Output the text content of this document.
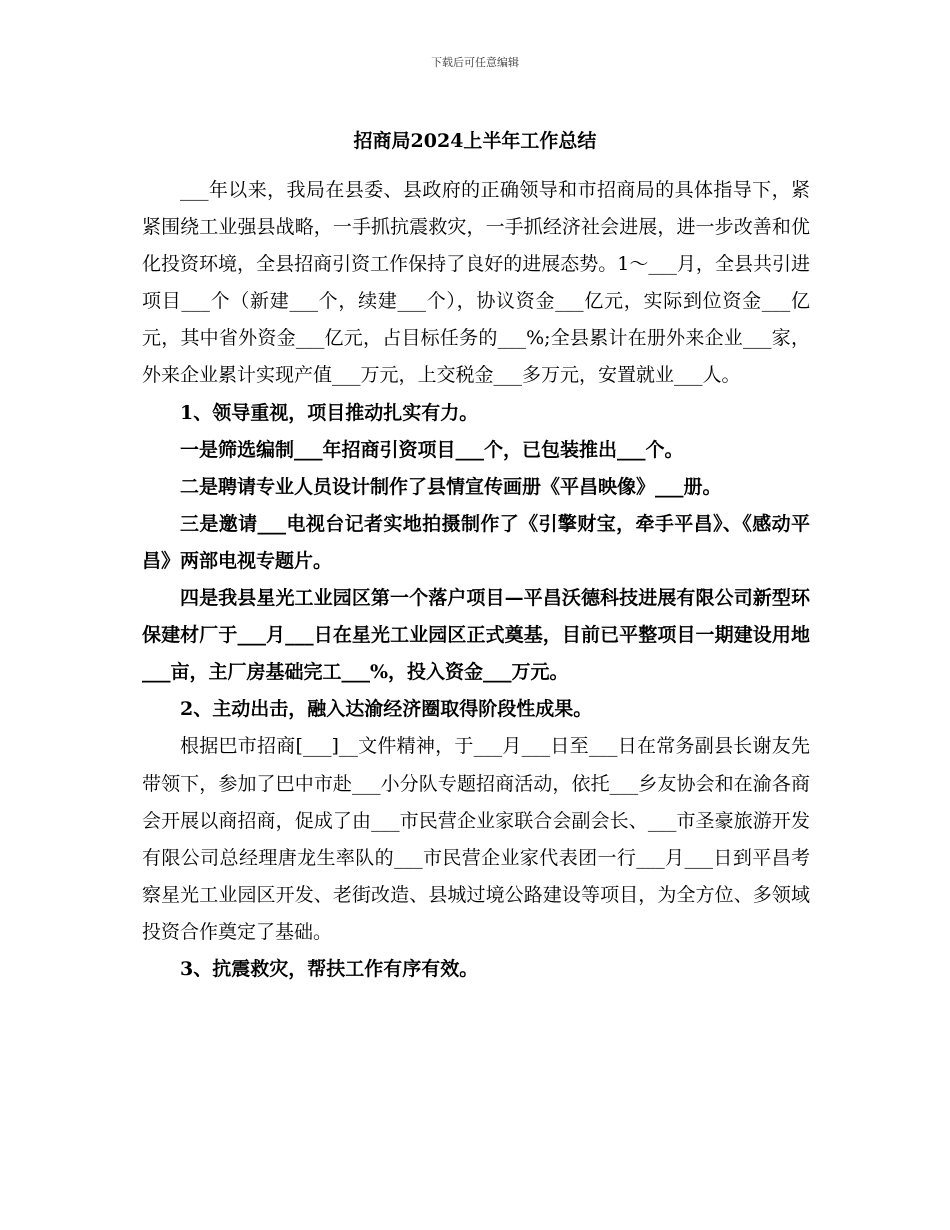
下载后可任意编辑
招商局2024上半年工作总结

___年以来，我局在县委、县政府的正确领导和市招商局的具体指导下，紧紧围绕工业强县战略，一手抓抗震救灾，一手抓经济社会进展，进一步改善和优化投资环境，全县招商引资工作保持了良好的进展态势。1～___月，全县共引进项目___个（新建___个，续建___个），协议资金___亿元，实际到位资金___亿元，其中省外资金___亿元，占目标任务的___%;全县累计在册外来企业___家，外来企业累计实现产值___万元，上交税金___多万元，安置就业___人。

1、领导重视，项目推动扎实有力。

一是筛选编制___年招商引资项目___个，已包装推出___个。

二是聘请专业人员设计制作了县情宣传画册《平昌映像》___册。

三是邀请___电视台记者实地拍摄制作了《引擎财宝，牵手平昌》、《感动平昌》两部电视专题片。

四是我县星光工业园区第一个落户项目—平昌沃德科技进展有限公司新型环保建材厂于___月___日在星光工业园区正式奠基，目前已平整项目一期建设用地___亩，主厂房基础完工___%，投入资金___万元。

2、主动出击，融入达渝经济圈取得阶段性成果。

根据巴市招商[___]__文件精神，于___月___日至___日在常务副县长谢友先带领下，参加了巴中市赴___小分队专题招商活动，依托___乡友协会和在渝各商会开展以商招商，促成了由___市民营企业家联合会副会长、___市圣豪旅游开发有限公司总经理唐龙生率队的___市民营企业家代表团一行___月___日到平昌考察星光工业园区开发、老街改造、县城过境公路建设等项目，为全方位、多领域投资合作奠定了基础。

3、抗震救灾，帮扶工作有序有效。
